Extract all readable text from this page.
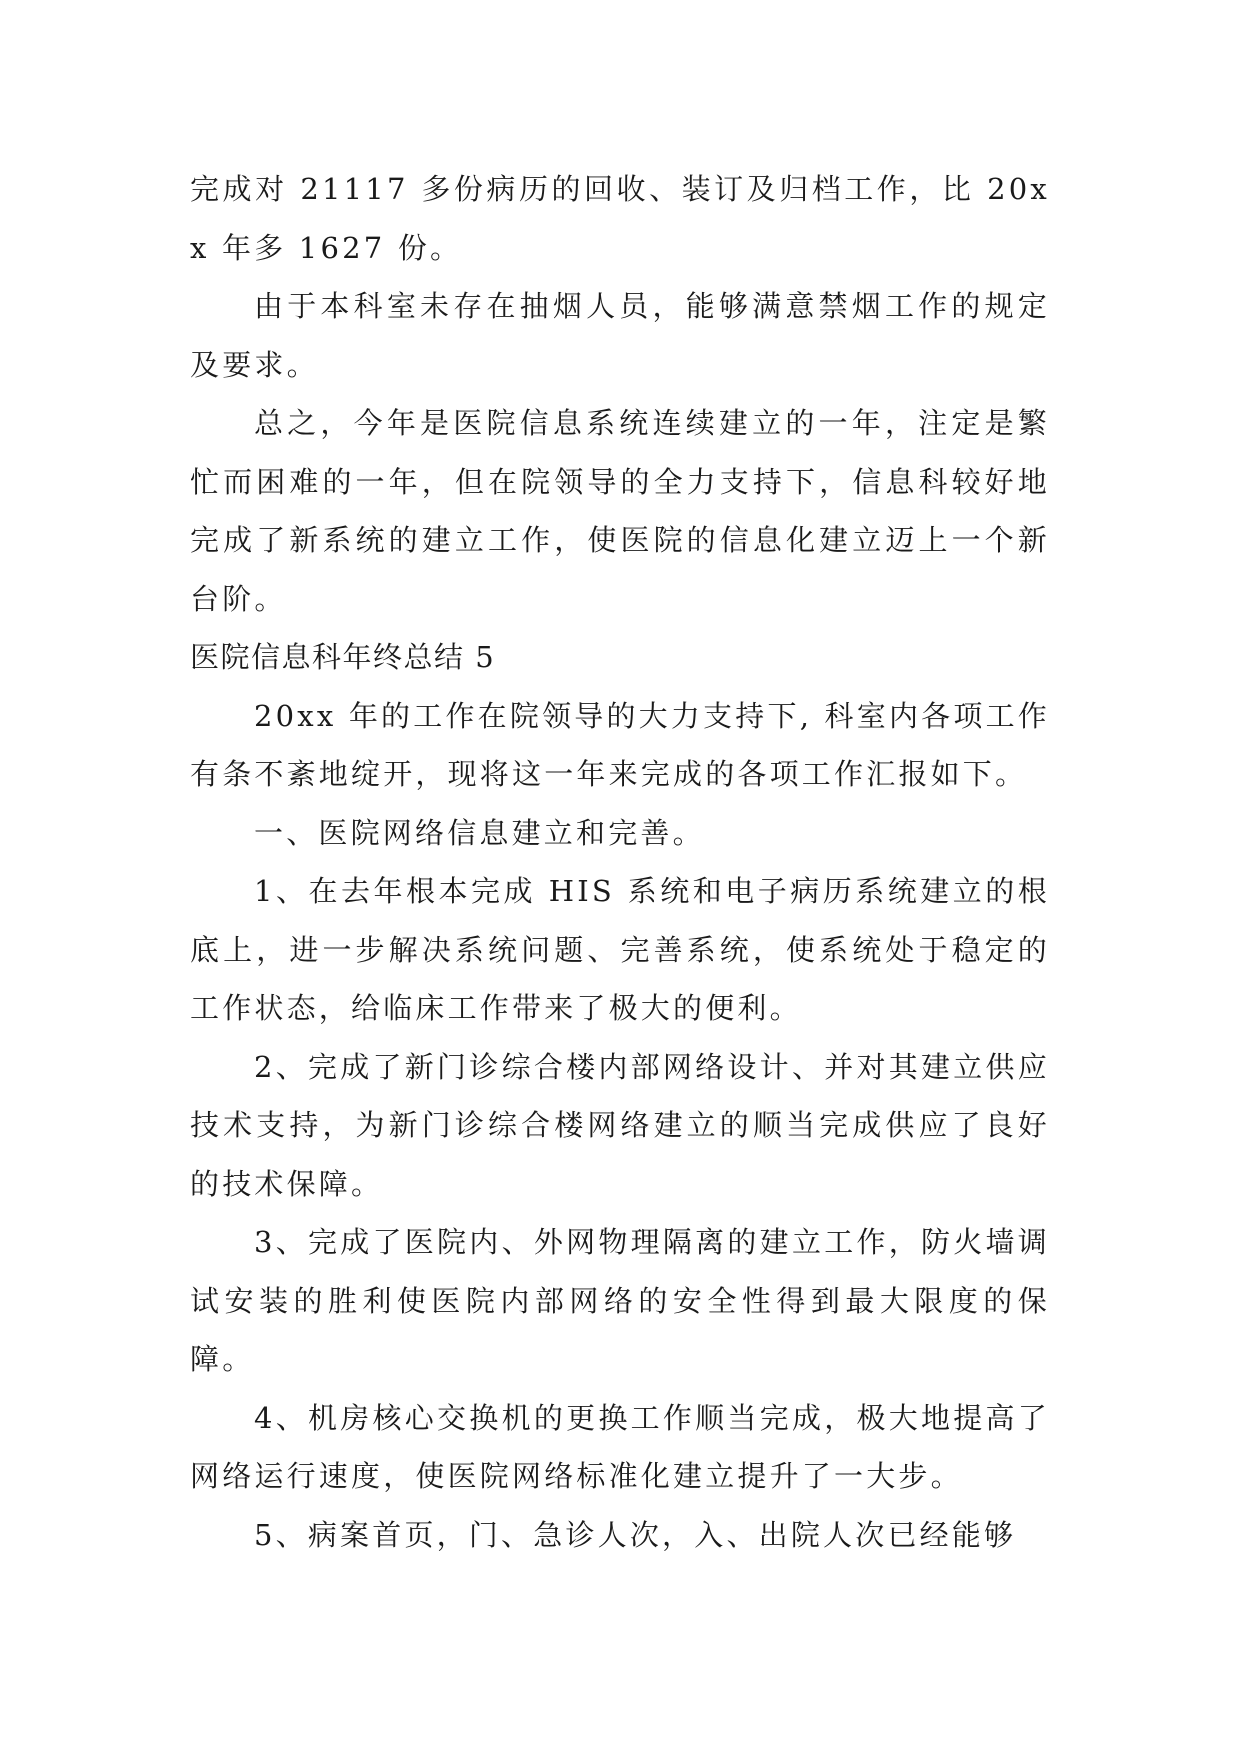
完成对 21117 多份病历的回收、装订及归档工作，比 20xx 年多 1627 份。

由于本科室未存在抽烟人员，能够满意禁烟工作的规定及要求。

总之，今年是医院信息系统连续建立的一年，注定是繁忙而困难的一年，但在院领导的全力支持下，信息科较好地完成了新系统的建立工作，使医院的信息化建立迈上一个新台阶。

医院信息科年终总结 5

20xx 年的工作在院领导的大力支持下, 科室内各项工作有条不紊地绽开，现将这一年来完成的各项工作汇报如下。

一、医院网络信息建立和完善。

1、在去年根本完成 HIS 系统和电子病历系统建立的根底上，进一步解决系统问题、完善系统，使系统处于稳定的工作状态，给临床工作带来了极大的便利。

2、完成了新门诊综合楼内部网络设计、并对其建立供应技术支持，为新门诊综合楼网络建立的顺当完成供应了良好的技术保障。

3、完成了医院内、外网物理隔离的建立工作，防火墙调试安装的胜利使医院内部网络的安全性得到最大限度的保障。

4、机房核心交换机的更换工作顺当完成，极大地提高了网络运行速度，使医院网络标准化建立提升了一大步。

5、病案首页，门、急诊人次，入、出院人次已经能够
